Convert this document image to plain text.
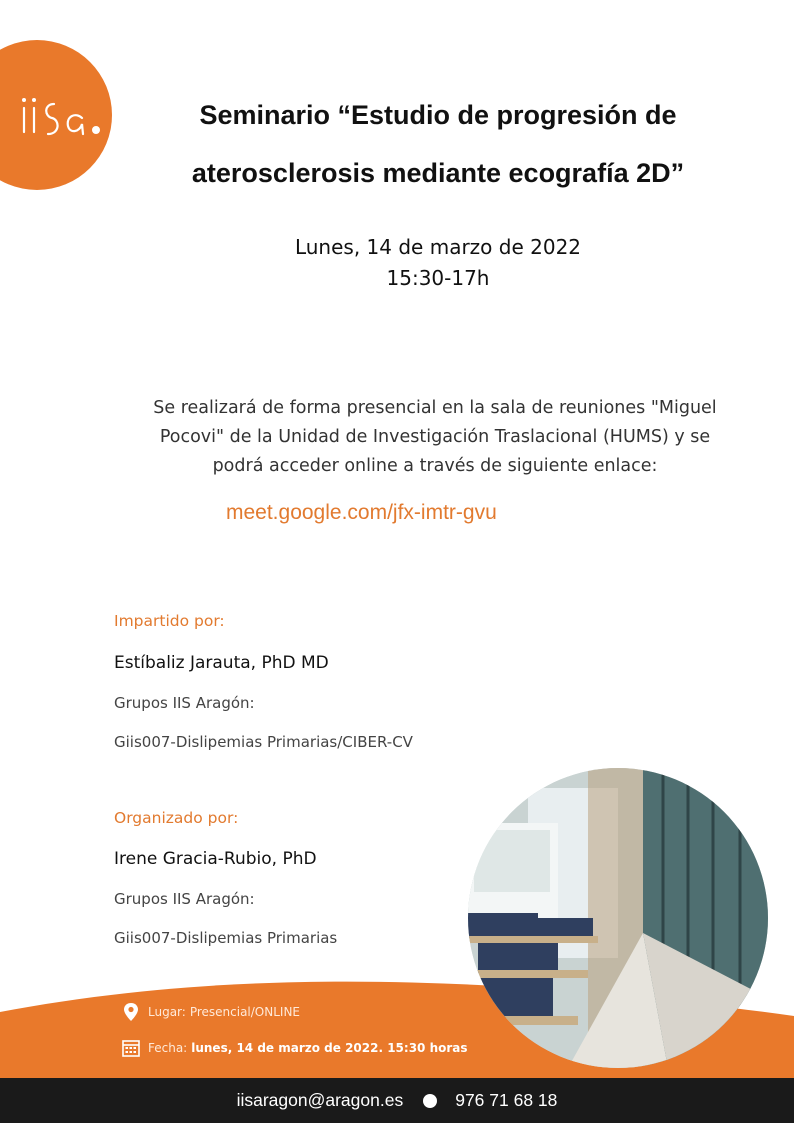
Seminario “Estudio de progresión de
aterosclerosis mediante ecografía 2D”
Lunes, 14 de marzo de 2022
15:30-17h
Se realizará de forma presencial en la sala de reuniones "Miguel
Pocovi" de la Unidad de Investigación Traslacional (HUMS) y se
podrá acceder online a través de siguiente enlace:
meet.google.com/jfx-imtr-gvu
Impartido por:
Estíbaliz Jarauta, PhD MD
Grupos IIS Aragón:
Giis007-Dislipemias Primarias/CIBER-CV
Organizado por:
Irene Gracia-Rubio, PhD
Grupos IIS Aragón:
Giis007-Dislipemias Primarias
Lugar: Presencial/ONLINE
Fecha: lunes, 14 de marzo de 2022. 15:30 horas
iisaragon@aragon.es	976 71 68 18
